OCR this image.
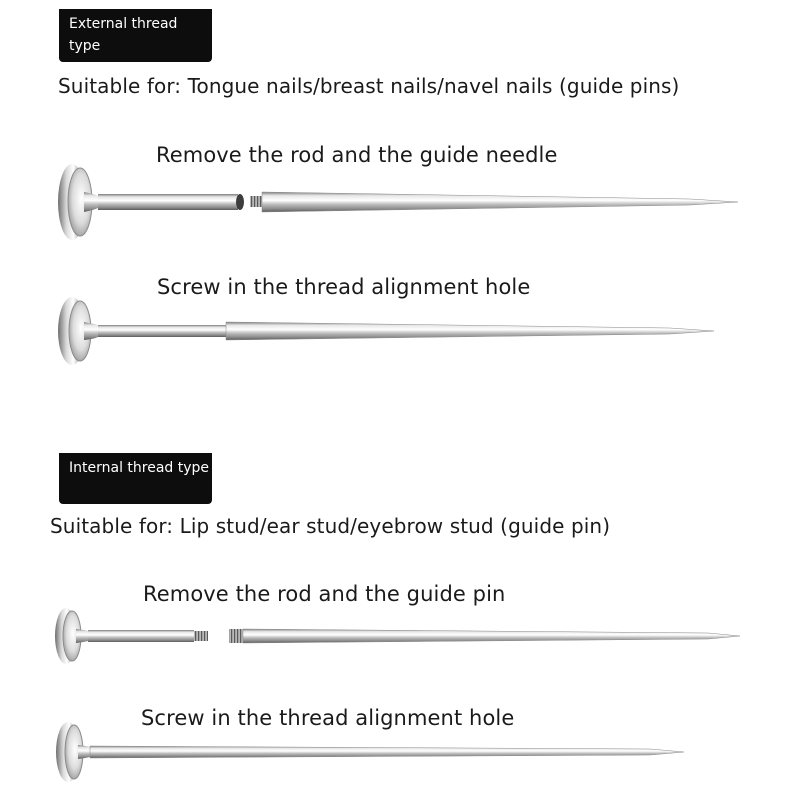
External thread type
Suitable for: Tongue nails/breast nails/navel nails (guide pins)
Remove the rod and the guide needle
Screw in the thread alignment hole
Internal thread type
Suitable for: Lip stud/ear stud/eyebrow stud (guide pin)
Remove the rod and the guide pin
Screw in the thread alignment hole
